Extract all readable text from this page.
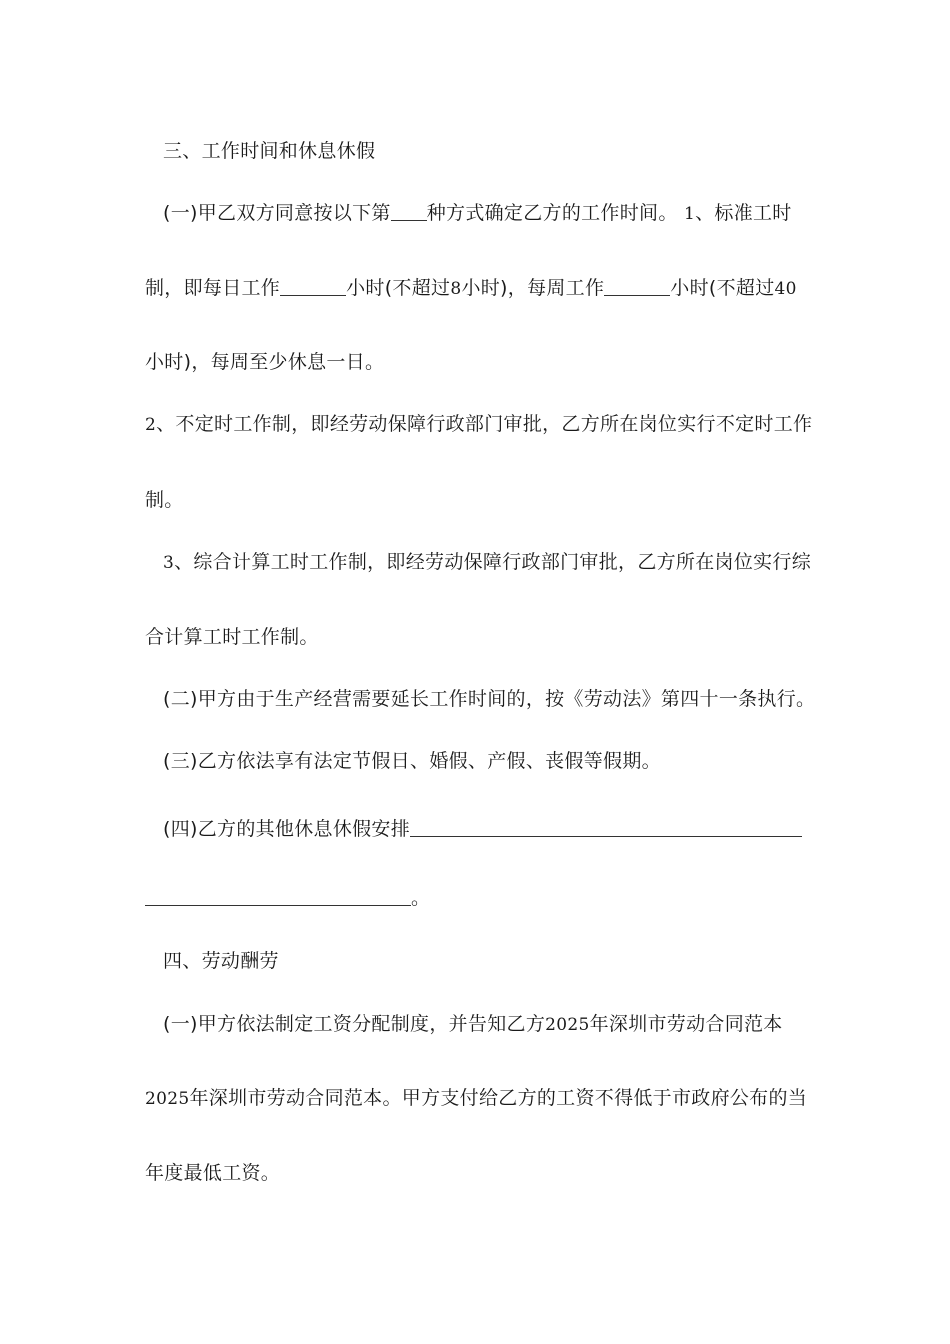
三、工作时间和休息休假
(一)甲乙双方同意按以下第 种方式确定乙方的工作时间。 1、标准工时
制，即每日工作	小时(不超过8小时)，每周工作	小时(不超过40
小时)，每周至少休息一日。
2、不定时工作制，即经劳动保障行政部门审批，乙方所在岗位实行不定时工作
制。
3、综合计算工时工作制，即经劳动保障行政部门审批，乙方所在岗位实行综
合计算工时工作制。
(二)甲方由于生产经营需要延长工作时间的，按《劳动法》第四十一条执行。
(三)乙方依法享有法定节假日、婚假、产假、丧假等假期。
(四)乙方的其他休息休假安排
。
四、劳动酬劳
(一)甲方依法制定工资分配制度，并告知乙方2025年深圳市劳动合同范本
2025年深圳市劳动合同范本。甲方支付给乙方的工资不得低于市政府公布的当
年度最低工资。
